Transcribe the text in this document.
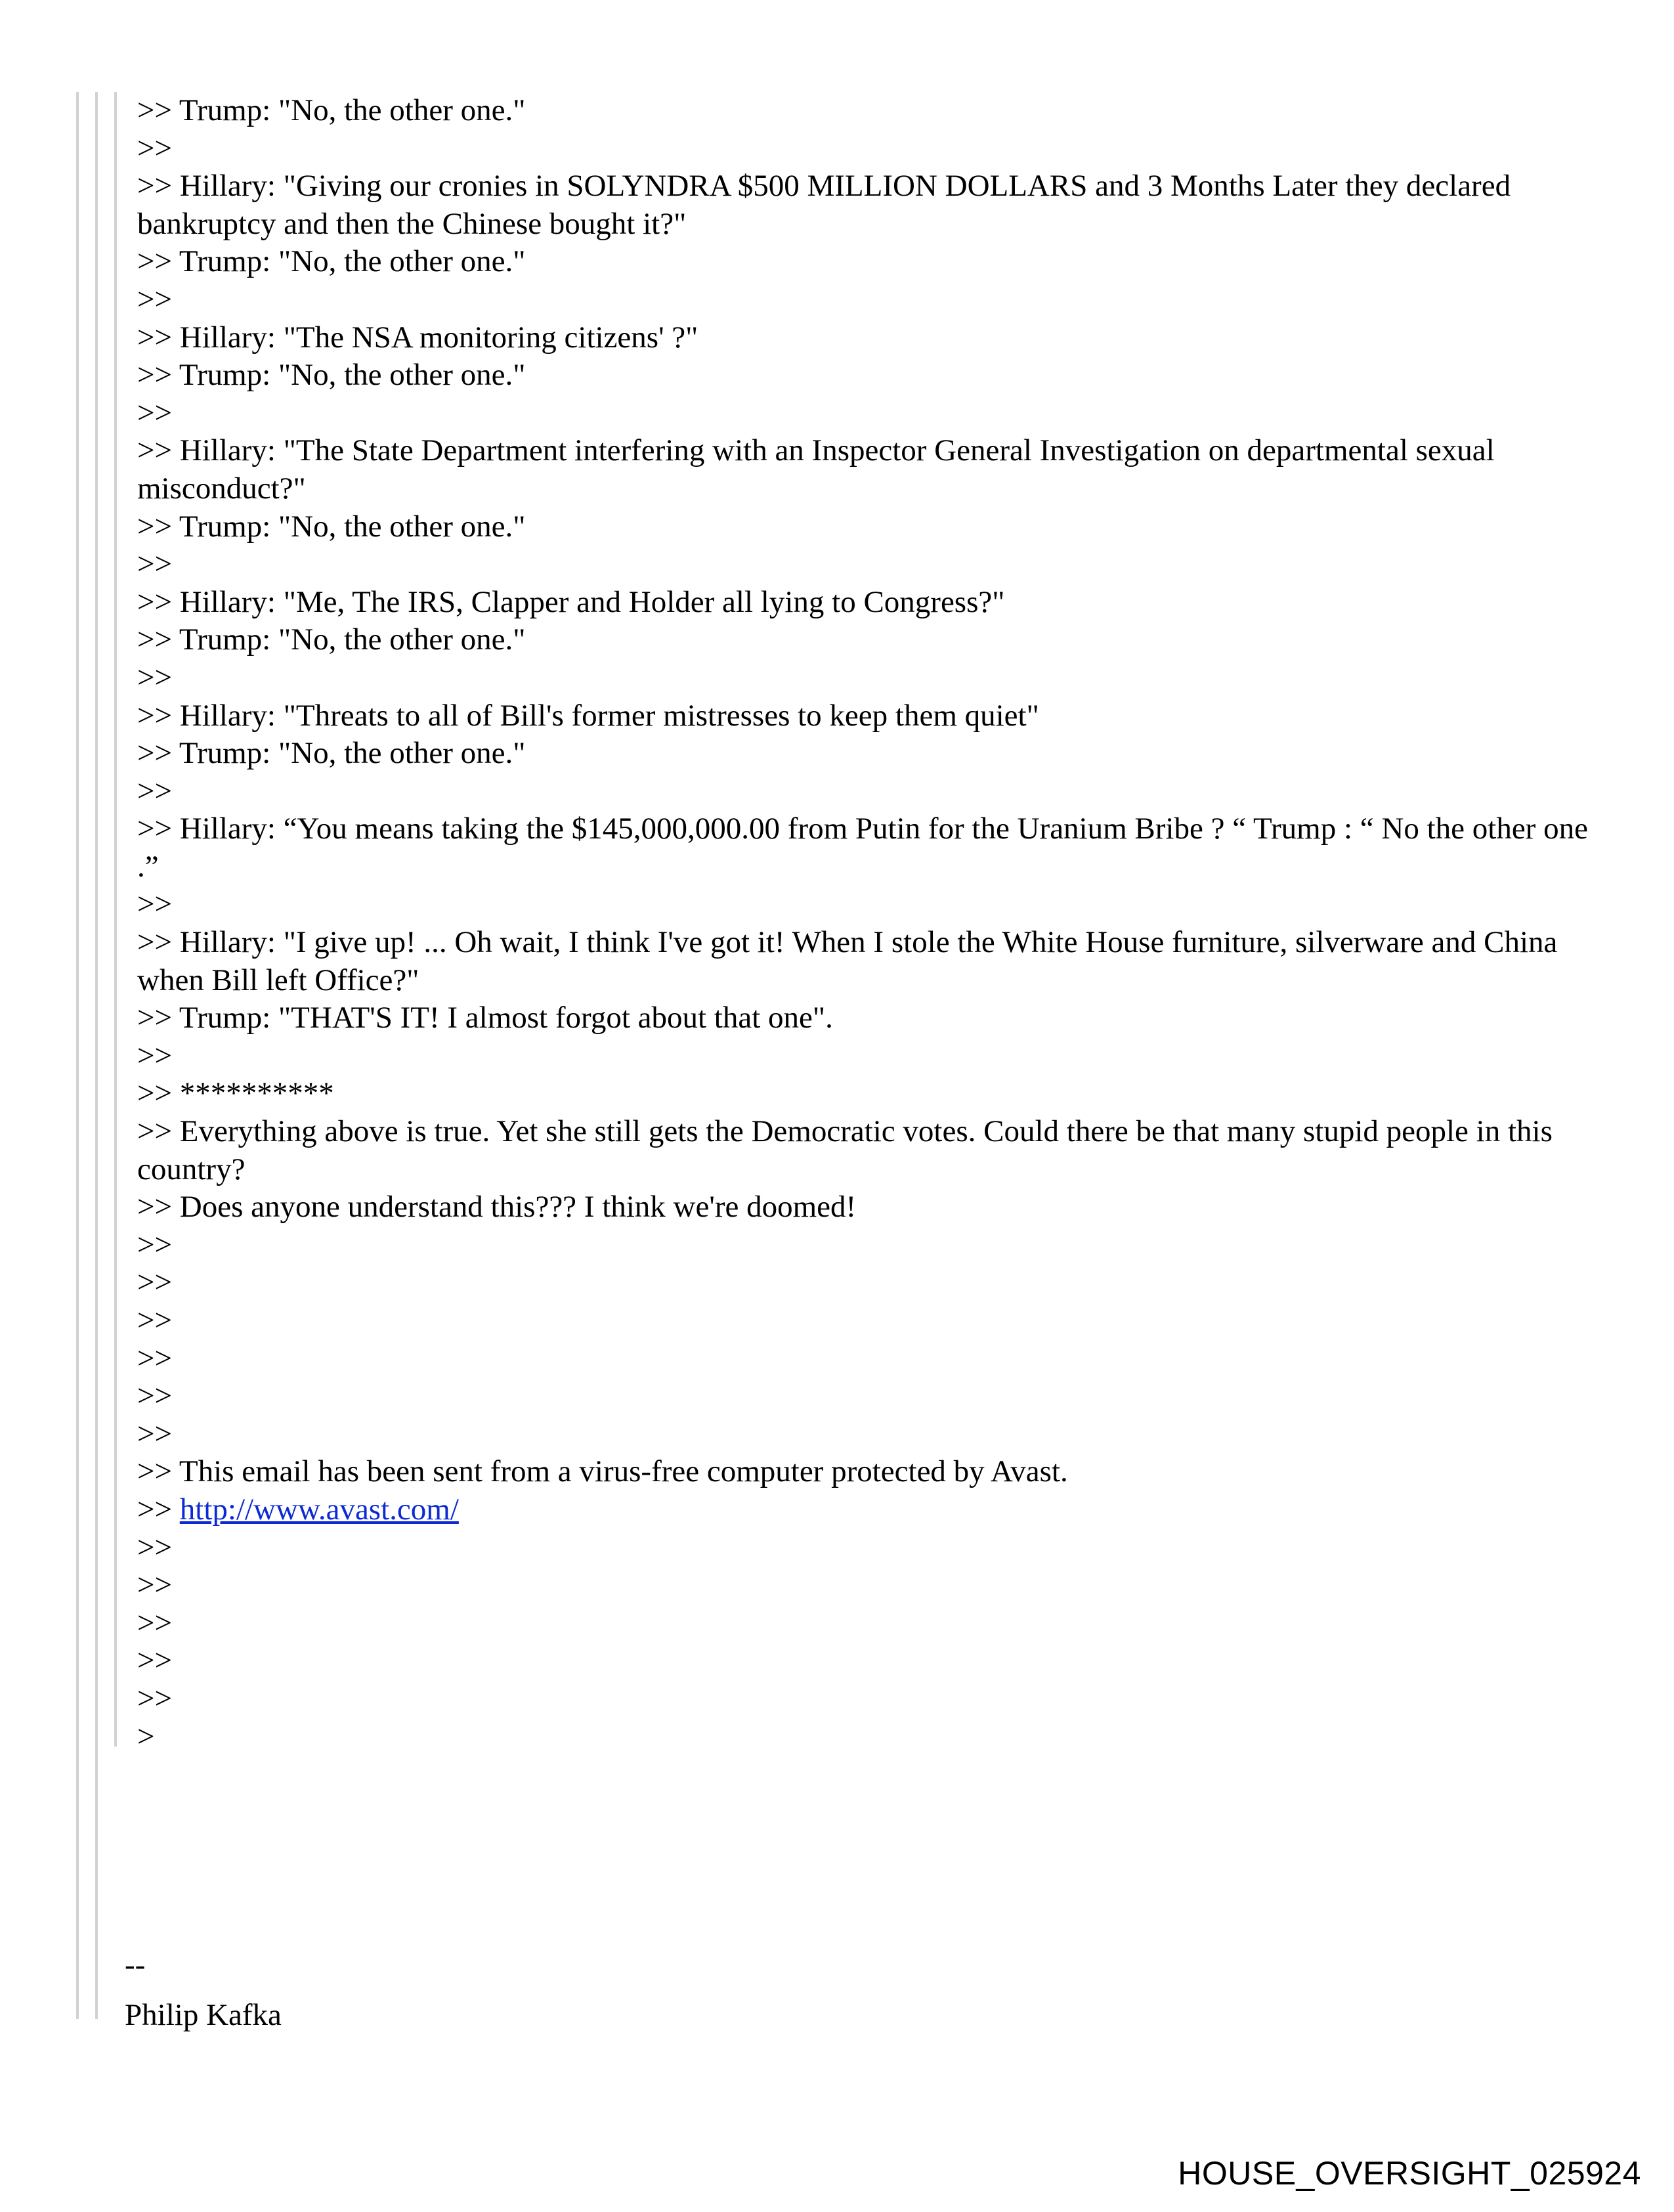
>> Trump: "No, the other one."
>>
>> Hillary: "Giving our cronies in SOLYNDRA $500 MILLION DOLLARS and 3 Months Later they declared bankruptcy and then the Chinese bought it?"
>> Trump: "No, the other one."
>>
>> Hillary: "The NSA monitoring citizens' ?"
>> Trump: "No, the other one."
>>
>> Hillary: "The State Department interfering with an Inspector General Investigation on departmental sexual misconduct?"
>> Trump: "No, the other one."
>>
>> Hillary: "Me, The IRS, Clapper and Holder all lying to Congress?"
>> Trump: "No, the other one."
>>
>> Hillary: "Threats to all of Bill's former mistresses to keep them quiet"
>> Trump: "No, the other one."
>>
>> Hillary: “You means taking the $145,000,000.00 from Putin for the Uranium Bribe ? “ Trump : “ No the other one .”
>>
>> Hillary: "I give up! ... Oh wait, I think I've got it! When I stole the White House furniture, silverware and China when Bill left Office?"
>> Trump: "THAT'S IT! I almost forgot about that one".
>>
>> **********
>> Everything above is true. Yet she still gets the Democratic votes. Could there be that many stupid people in this country?
>> Does anyone understand this??? I think we're doomed!
>>
>>
>>
>>
>>
>>
>> This email has been sent from a virus-free computer protected by Avast.
>> http://www.avast.com/
>>
>>
>>
>>
>>
>
--
Philip Kafka
HOUSE_OVERSIGHT_025924
